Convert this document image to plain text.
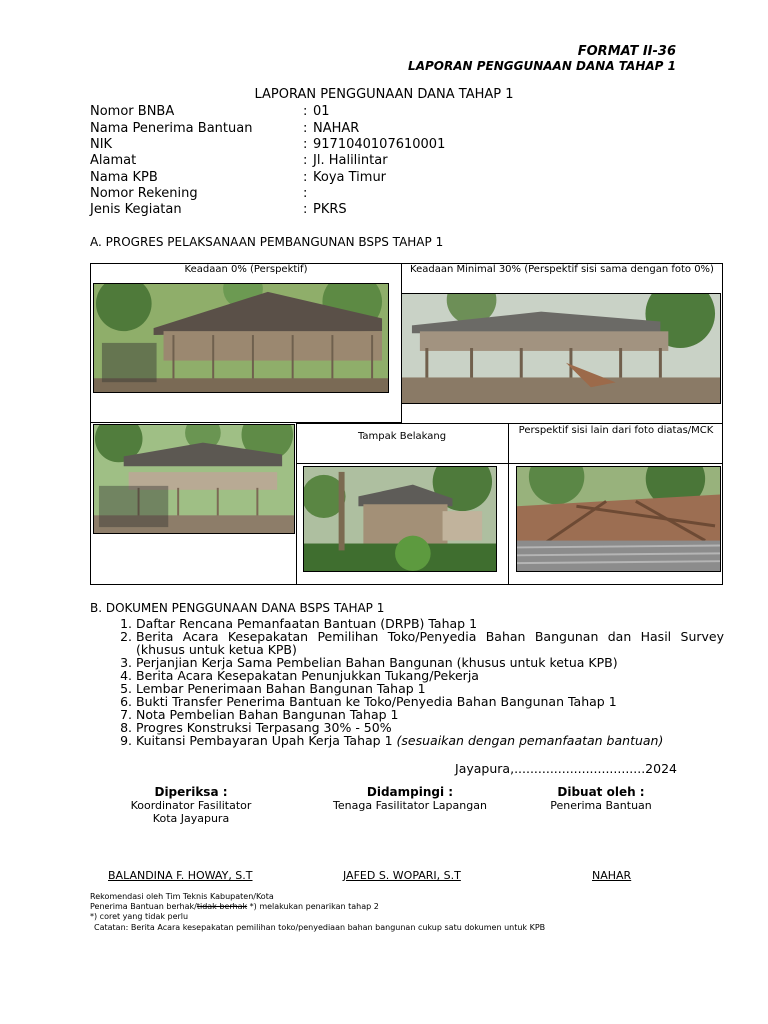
FORMAT II-36
LAPORAN PENGGUNAAN DANA TAHAP 1
LAPORAN PENGGUNAAN DANA TAHAP 1
Nomor BNBA	: 01
Nama Penerima Bantuan	: NAHAR
NIK	: 9171040107610001
Alamat	: Jl. Halilintar
Nama KPB	: Koya Timur
Nomor Rekening	:
Jenis Kegiatan	: PKRS
A. PROGRES PELAKSANAAN PEMBANGUNAN BSPS TAHAP 1
Keadaan 0% (Perspektif)	Keadaan Minimal 30% (Perspektif sisi sama dengan foto 0%)
Tampak Belakang
Perspektif sisi lain dari foto diatas/MCK
B. DOKUMEN PENGGUNAAN DANA BSPS TAHAP 1
1. Daftar Rencana Pemanfaatan Bantuan (DRPB) Tahap 1
2. Berita Acara Kesepakatan Pemilihan Toko/Penyedia Bahan Bangunan dan Hasil Survey (khusus untuk ketua KPB)
3. Perjanjian Kerja Sama Pembelian Bahan Bangunan (khusus untuk ketua KPB)
4. Berita Acara Kesepakatan Penunjukkan Tukang/Pekerja
5. Lembar Penerimaan Bahan Bangunan Tahap 1
6. Bukti Transfer Penerima Bantuan ke Toko/Penyedia Bahan Bangunan Tahap 1
7. Nota Pembelian Bahan Bangunan Tahap 1
8. Progres Konstruksi Terpasang 30% - 50%
9. Kuitansi Pembayaran Upah Kerja Tahap 1 (sesuaikan dengan pemanfaatan bantuan)
Jayapura,.................................2024
Diperiksa :
Koordinator Fasilitator
Kota Jayapura
Didampingi :
Tenaga Fasilitator Lapangan
Dibuat oleh :
Penerima Bantuan
BALANDINA F. HOWAY, S.T	JAFED S. WOPARI, S.T	NAHAR
Rekomendasi oleh Tim Teknis Kabupaten/Kota
Penerima Bantuan berhak/tidak berhak *) melakukan penarikan tahap 2
*) coret yang tidak perlu
Catatan: Berita Acara kesepakatan pemilihan toko/penyediaan bahan bangunan cukup satu dokumen untuk KPB
